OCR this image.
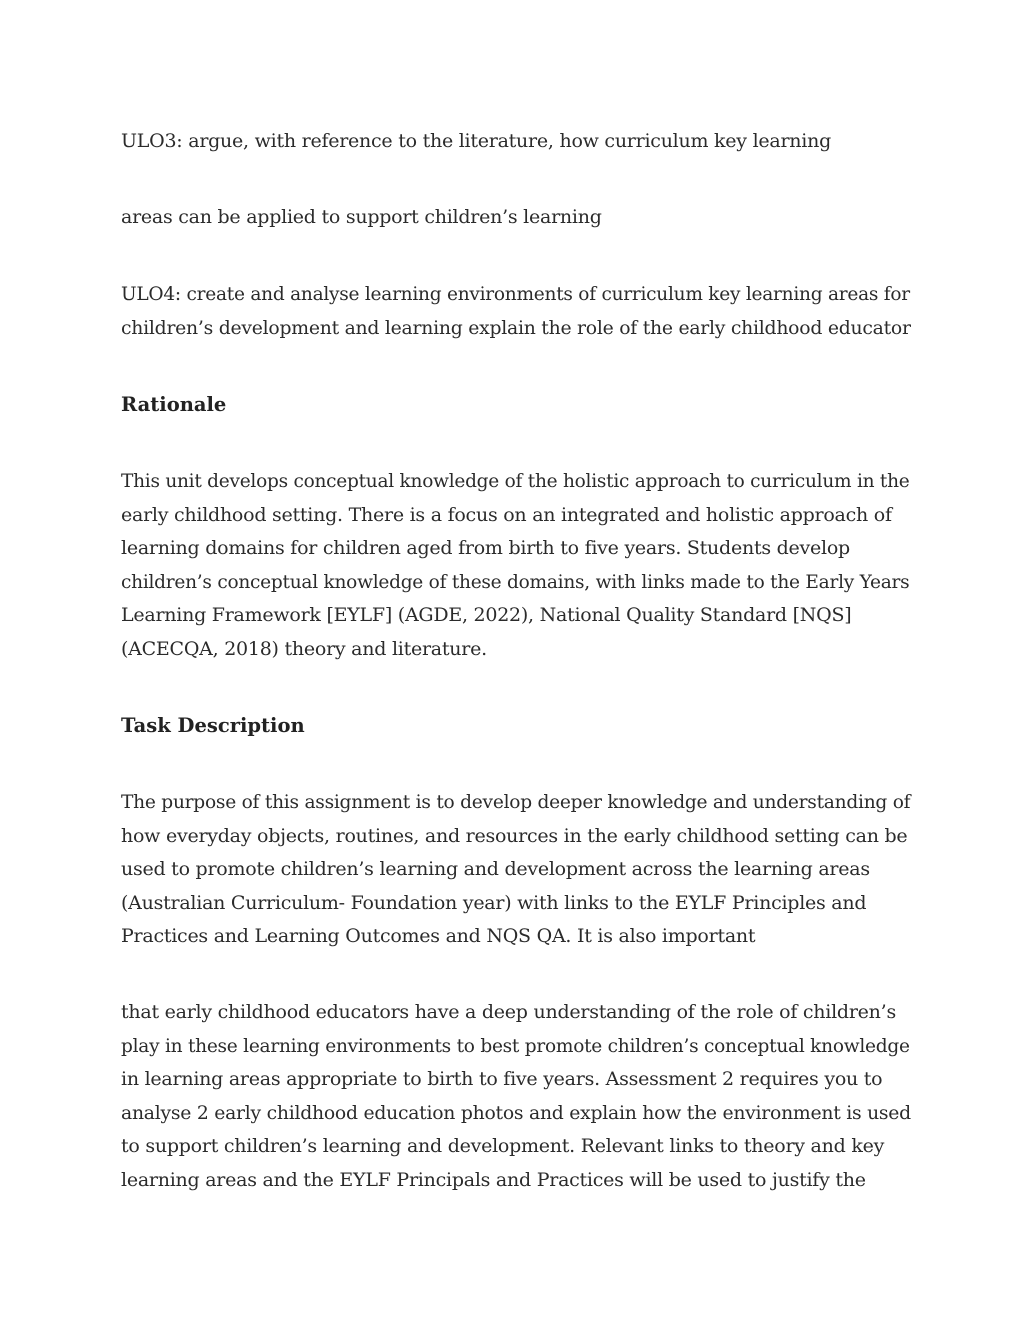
ULO3: argue, with reference to the literature, how curriculum key learning
areas can be applied to support children’s learning
ULO4: create and analyse learning environments of curriculum key learning areas for
children’s development and learning explain the role of the early childhood educator
Rationale
This unit develops conceptual knowledge of the holistic approach to curriculum in the
early childhood setting. There is a focus on an integrated and holistic approach of
learning domains for children aged from birth to five years. Students develop
children’s conceptual knowledge of these domains, with links made to the Early Years
Learning Framework [EYLF] (AGDE, 2022), National Quality Standard [NQS]
(ACECQA, 2018) theory and literature.
Task Description
The purpose of this assignment is to develop deeper knowledge and understanding of
how everyday objects, routines, and resources in the early childhood setting can be
used to promote children’s learning and development across the learning areas
(Australian Curriculum- Foundation year) with links to the EYLF Principles and
Practices and Learning Outcomes and NQS QA. It is also important
that early childhood educators have a deep understanding of the role of children’s
play in these learning environments to best promote children’s conceptual knowledge
in learning areas appropriate to birth to five years. Assessment 2 requires you to
analyse 2 early childhood education photos and explain how the environment is used
to support children’s learning and development. Relevant links to theory and key
learning areas and the EYLF Principals and Practices will be used to justify the
